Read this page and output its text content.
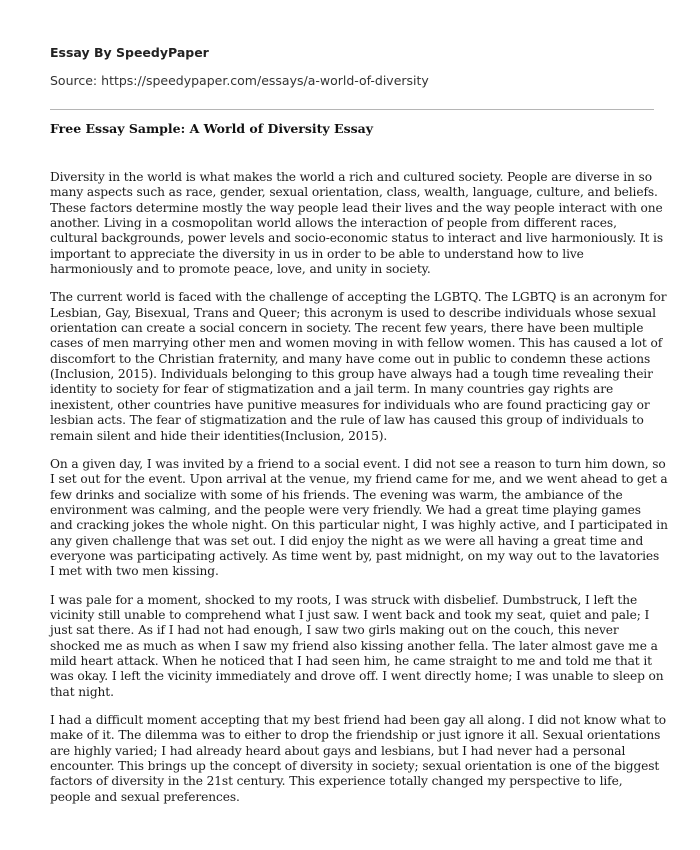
Essay By SpeedyPaper
Source: https://speedypaper.com/essays/a-world-of-diversity
Free Essay Sample: A World of Diversity Essay

Diversity in the world is what makes the world a rich and cultured society. People are diverse in so
many aspects such as race, gender, sexual orientation, class, wealth, language, culture, and beliefs.
These factors determine mostly the way people lead their lives and the way people interact with one
another. Living in a cosmopolitan world allows the interaction of people from different races,
cultural backgrounds, power levels and socio-economic status to interact and live harmoniously. It is
important to appreciate the diversity in us in order to be able to understand how to live
harmoniously and to promote peace, love, and unity in society.

The current world is faced with the challenge of accepting the LGBTQ. The LGBTQ is an acronym for
Lesbian, Gay, Bisexual, Trans and Queer; this acronym is used to describe individuals whose sexual
orientation can create a social concern in society. The recent few years, there have been multiple
cases of men marrying other men and women moving in with fellow women. This has caused a lot of
discomfort to the Christian fraternity, and many have come out in public to condemn these actions
(Inclusion, 2015). Individuals belonging to this group have always had a tough time revealing their
identity to society for fear of stigmatization and a jail term. In many countries gay rights are
inexistent, other countries have punitive measures for individuals who are found practicing gay or
lesbian acts. The fear of stigmatization and the rule of law has caused this group of individuals to
remain silent and hide their identities(Inclusion, 2015).

On a given day, I was invited by a friend to a social event. I did not see a reason to turn him down, so
I set out for the event. Upon arrival at the venue, my friend came for me, and we went ahead to get a
few drinks and socialize with some of his friends. The evening was warm, the ambiance of the
environment was calming, and the people were very friendly. We had a great time playing games
and cracking jokes the whole night. On this particular night, I was highly active, and I participated in
any given challenge that was set out. I did enjoy the night as we were all having a great time and
everyone was participating actively. As time went by, past midnight, on my way out to the lavatories
I met with two men kissing.

I was pale for a moment, shocked to my roots, I was struck with disbelief. Dumbstruck, I left the
vicinity still unable to comprehend what I just saw. I went back and took my seat, quiet and pale; I
just sat there. As if I had not had enough, I saw two girls making out on the couch, this never
shocked me as much as when I saw my friend also kissing another fella. The later almost gave me a
mild heart attack. When he noticed that I had seen him, he came straight to me and told me that it
was okay. I left the vicinity immediately and drove off. I went directly home; I was unable to sleep on
that night.

I had a difficult moment accepting that my best friend had been gay all along. I did not know what to
make of it. The dilemma was to either to drop the friendship or just ignore it all. Sexual orientations
are highly varied; I had already heard about gays and lesbians, but I had never had a personal
encounter. This brings up the concept of diversity in society; sexual orientation is one of the biggest
factors of diversity in the 21st century. This experience totally changed my perspective to life,
people and sexual preferences.
